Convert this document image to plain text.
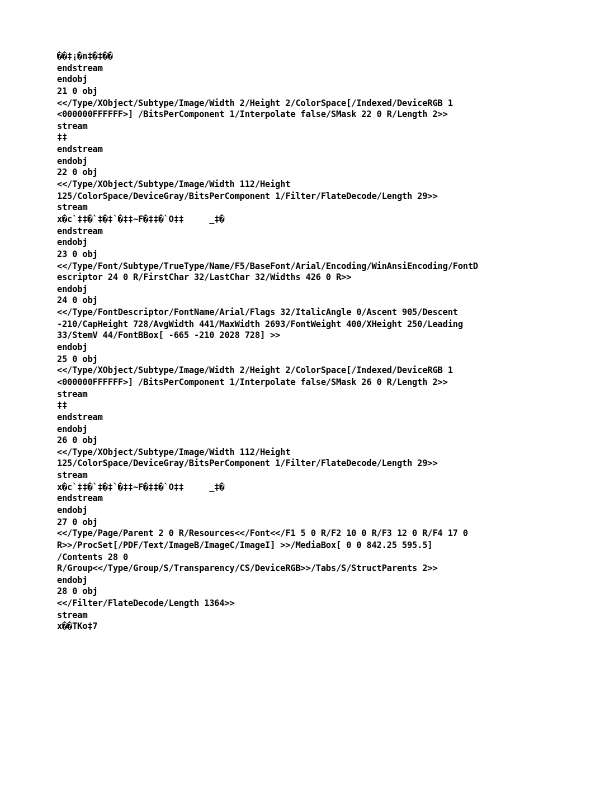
��‡¡�n‡�‡��
endstream
endobj
21 0 obj
<</Type/XObject/Subtype/Image/Width 2/Height 2/ColorSpace[/Indexed/DeviceRGB 1
<000000FFFFFF>] /BitsPerComponent 1/Interpolate false/SMask 22 0 R/Length 2>>
stream
‡‡
endstream
endobj
22 0 obj
<</Type/XObject/Subtype/Image/Width 112/Height
125/ColorSpace/DeviceGray/BitsPerComponent 1/Filter/FlateDecode/Length 29>>
stream
x�c`‡‡�`‡�‡`�‡‡~F�‡‡�`O‡‡     _‡�
endstream
endobj
23 0 obj
<</Type/Font/Subtype/TrueType/Name/F5/BaseFont/Arial/Encoding/WinAnsiEncoding/FontD
escriptor 24 0 R/FirstChar 32/LastChar 32/Widths 426 0 R>>
endobj
24 0 obj
<</Type/FontDescriptor/FontName/Arial/Flags 32/ItalicAngle 0/Ascent 905/Descent
-210/CapHeight 728/AvgWidth 441/MaxWidth 2693/FontWeight 400/XHeight 250/Leading
33/StemV 44/FontBBox[ -665 -210 2028 728] >>
endobj
25 0 obj
<</Type/XObject/Subtype/Image/Width 2/Height 2/ColorSpace[/Indexed/DeviceRGB 1
<000000FFFFFF>] /BitsPerComponent 1/Interpolate false/SMask 26 0 R/Length 2>>
stream
‡‡
endstream
endobj
26 0 obj
<</Type/XObject/Subtype/Image/Width 112/Height
125/ColorSpace/DeviceGray/BitsPerComponent 1/Filter/FlateDecode/Length 29>>
stream
x�c`‡‡�`‡�‡`�‡‡~F�‡‡�`O‡‡     _‡�
endstream
endobj
27 0 obj
<</Type/Page/Parent 2 0 R/Resources<</Font<</F1 5 0 R/F2 10 0 R/F3 12 0 R/F4 17 0
R>>/ProcSet[/PDF/Text/ImageB/ImageC/ImageI] >>/MediaBox[ 0 0 842.25 595.5]
/Contents 28 0
R/Group<</Type/Group/S/Transparency/CS/DeviceRGB>>/Tabs/S/StructParents 2>>
endobj
28 0 obj
<</Filter/FlateDecode/Length 1364>>
stream
x��TKo‡7
